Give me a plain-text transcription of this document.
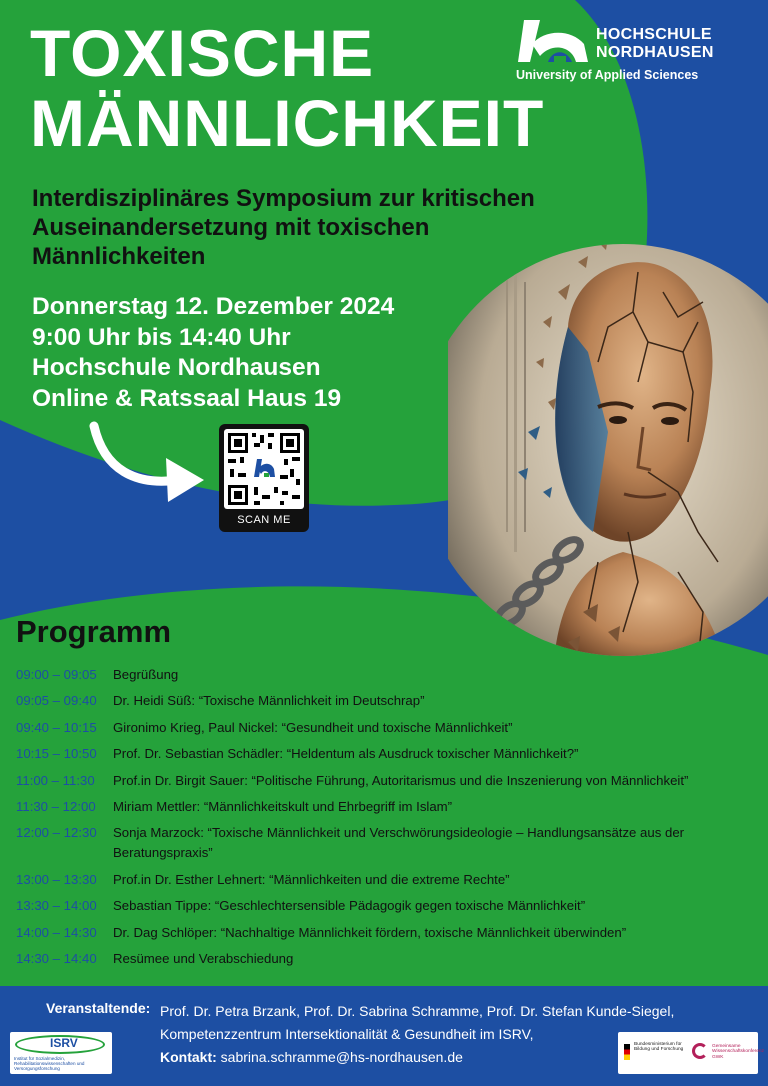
TOXISCHE
MÄNNLICHKEIT
HOCHSCHULE
NORDHAUSEN
University of Applied Sciences
Interdisziplinäres Symposium zur kritischen
Auseinandersetzung mit toxischen
Männlichkeiten
Donnerstag 12. Dezember 2024
9:00 Uhr bis 14:40 Uhr
Hochschule Nordhausen
Online & Ratssaal Haus 19
SCAN ME
Programm
09:00 – 09:05	Begrüßung
09:05 – 09:40	Dr. Heidi Süß: “Toxische Männlichkeit im Deutschrap”
09:40 – 10:15	Gironimo Krieg, Paul Nickel: “Gesundheit und toxische Männlichkeit”
10:15 – 10:50	Prof. Dr. Sebastian Schädler: “Heldentum als Ausdruck toxischer Männlichkeit?”
11:00 – 11:30	Prof.in Dr. Birgit Sauer: “Politische Führung, Autoritarismus und die Inszenierung von Männlichkeit”
11:30 – 12:00	Miriam Mettler: “Männlichkeitskult und Ehrbegriff im Islam”
12:00 – 12:30	Sonja Marzock: “Toxische Männlichkeit und Verschwörungsideologie – Handlungsansätze aus der Beratungspraxis”
13:00 – 13:30	Prof.in Dr. Esther Lehnert: “Männlichkeiten und die extreme Rechte”
13:30 – 14:00	Sebastian Tippe: “Geschlechtersensible Pädagogik gegen toxische Männlichkeit”
14:00 – 14:30	Dr. Dag Schlöper: “Nachhaltige Männlichkeit fördern, toxische Männlichkeit überwinden”
14:30 – 14:40	Resümee und Verabschiedung
Veranstaltende: Prof. Dr. Petra Brzank, Prof. Dr. Sabrina Schramme, Prof. Dr. Stefan Kunde-Siegel,
Kompetenzzentrum Intersektionalität & Gesundheit im ISRV,
Kontakt: sabrina.schramme@hs-nordhausen.de
ISRV
Institut für Sozialmedizin, Rehabilitationswissenschaften und Versorgungsforschung
Bundesministerium für Bildung und Forschung
Gemeinsame Wissenschaftskonferenz GWK
